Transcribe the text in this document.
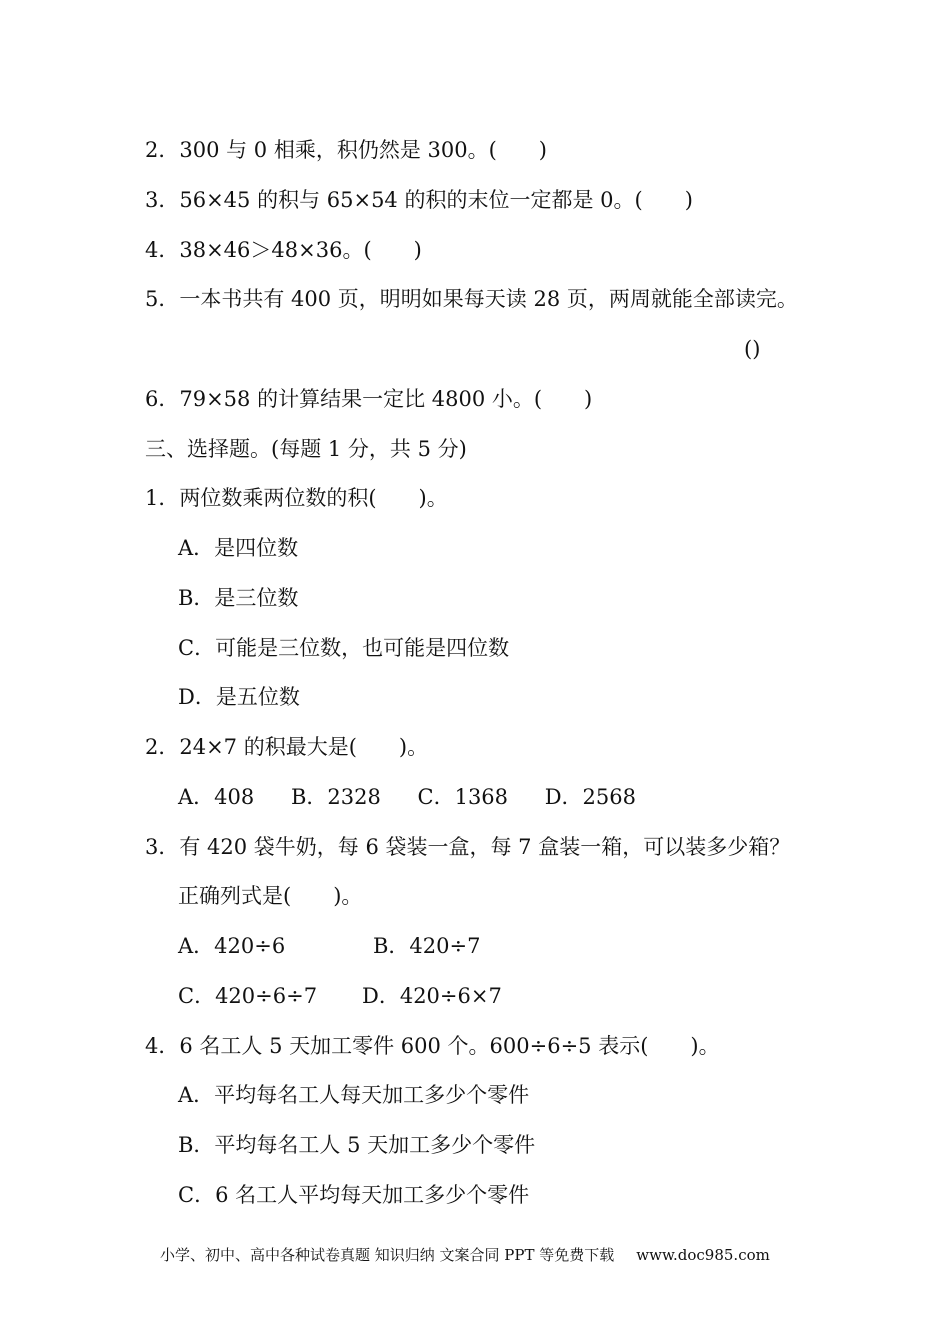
2．300 与 0 相乘，积仍然是 300。(　　)
3．56×45 的积与 65×54 的积的末位一定都是 0。(　　)
4．38×46＞48×36。(　　)
5．一本书共有 400 页，明明如果每天读 28 页，两周就能全部读完。
()
6．79×58 的计算结果一定比 4800 小。(　　)
三、选择题。(每题 1 分，共 5 分)
1．两位数乘两位数的积(　　)。
A．是四位数
B．是三位数
C．可能是三位数，也可能是四位数
D．是五位数
2．24×7 的积最大是(　　)。
A．408 B．2328 C．1368 D．2568
3．有 420 袋牛奶，每 6 袋装一盒，每 7 盒装一箱，可以装多少箱？
正确列式是(　　)。
A．420÷6	B．420÷7
C．420÷6÷7 D．420÷6×7
4．6 名工人 5 天加工零件 600 个。600÷6÷5 表示(　　)。
A．平均每名工人每天加工多少个零件
B．平均每名工人 5 天加工多少个零件
C．6 名工人平均每天加工多少个零件
小学、初中、高中各种试卷真题 知识归纳 文案合同 PPT 等免费下载 www.doc985.com
